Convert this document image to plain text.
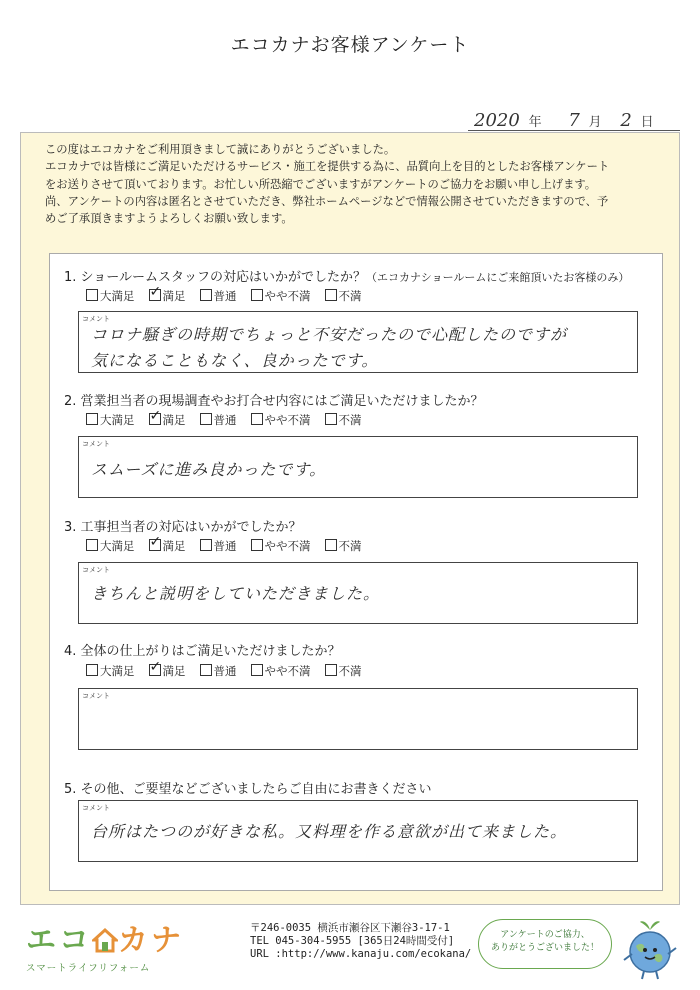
エコカナお客様アンケート
2020 年 7 月 2 日
この度はエコカナをご利用頂きまして誠にありがとうございました。
エコカナでは皆様にご満足いただけるサービス・施工を提供する為に、品質向上を目的としたお客様アンケート
をお送りさせて頂いております。お忙しい所恐縮でございますがアンケートのご協力をお願い申し上げます。
尚、アンケートの内容は匿名とさせていただき、弊社ホームページなどで情報公開させていただきますので、予
めご了承頂きますようよろしくお願い致します。
1. ショールームスタッフの対応はいかがでしたか？（エコカナショールームにご来館頂いたお客様のみ）
大満足 ✓ 満足 普通 やや不満 不満
コメント
コロナ騒ぎの時期でちょっと不安だったので心配したのですが
気になることもなく、良かったです。
2. 営業担当者の現場調査やお打合せ内容にはご満足いただけましたか？
大満足 ✓ 満足 普通 やや不満 不満
コメント
スムーズに進み良かったです。
3. 工事担当者の対応はいかがでしたか？
大満足 ✓ 満足 普通 やや不満 不満
コメント
きちんと説明をしていただきました。
4. 全体の仕上がりはご満足いただけましたか？
大満足 ✓ 満足 普通 やや不満 不満
コメント
5. その他、ご要望などございましたらご自由にお書きください
コメント
台所はたつのが好きな私。又料理を作る意欲が出て来ました。
エコ カナ
スマートライフリフォーム
〒246-0035 横浜市瀬谷区下瀬谷3-17-1
TEL 045-304-5955 [365日24時間受付]
URL :http://www.kanaju.com/ecokana/
アンケートのご協力、
ありがとうございました！
